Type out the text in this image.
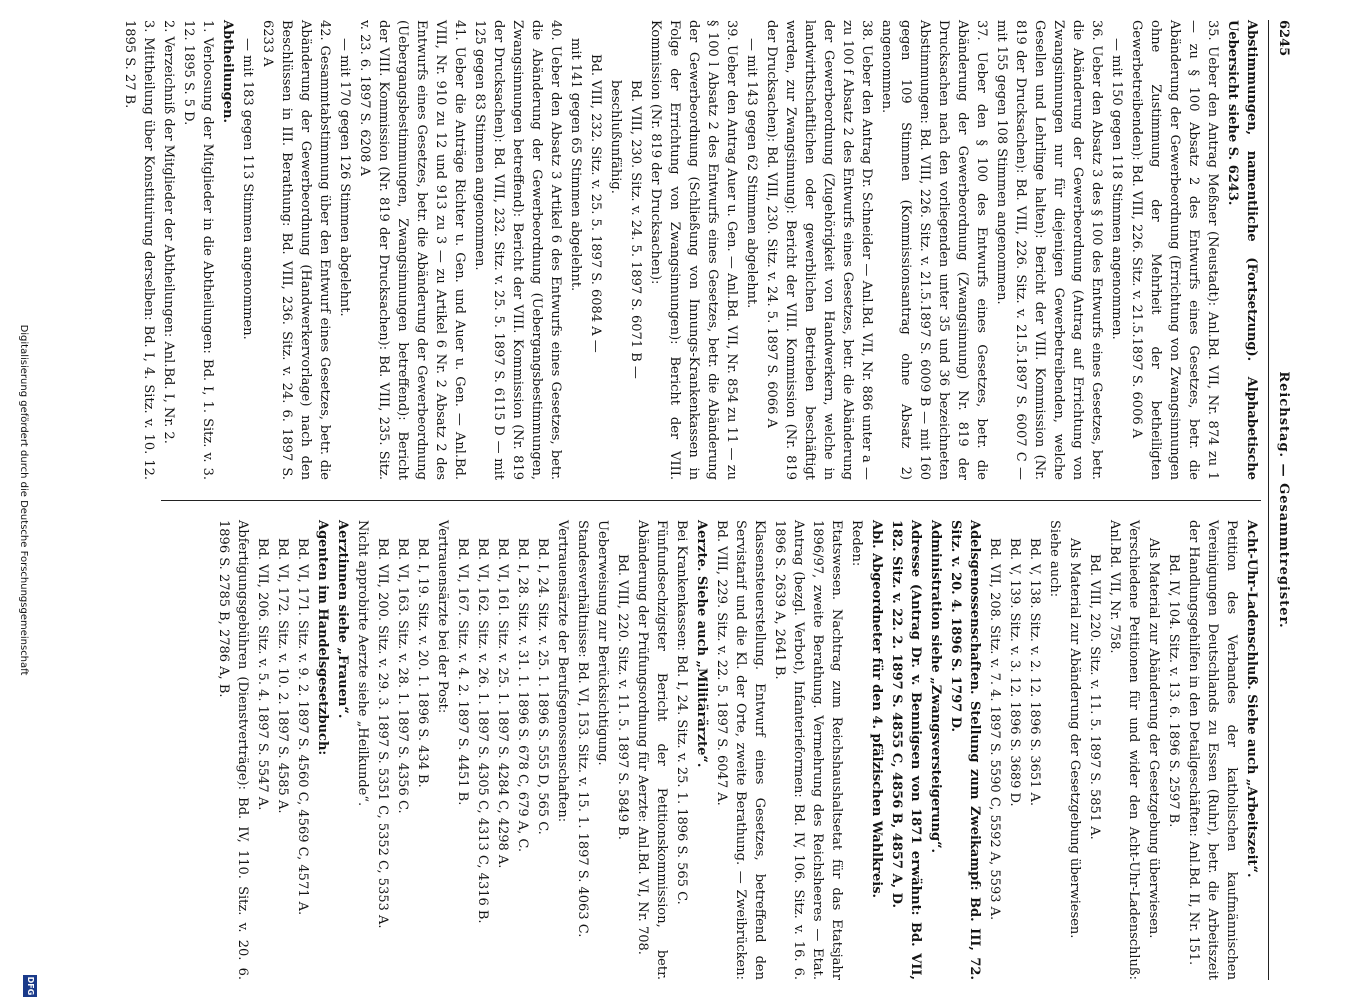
6245
Reichstag. — Gesammtregister.

Abstimmungen, namentliche (Fortsetzung). Alphabetische Uebersicht siehe S. 6243.

35. Ueber den Antrag Meßner (Neustadt): Anl.Bd. VII, Nr. 874 zu 1 — zu § 100 Absatz 2 des Entwurfs eines Gesetzes, betr. die Abänderung der Gewerbeordnung (Errichtung von Zwangsinnungen ohne Zustimmung der Mehrheit der betheiligten Gewerbetreibenden): Bd. VIII, 226. Sitz. v. 21.5.1897 S. 6006 A

— mit 150 gegen 118 Stimmen angenommen.

36. Ueber den Absatz 3 des § 100 des Entwurfs eines Gesetzes, betr. die Abänderung der Gewerbeordnung (Antrag auf Errichtung von Zwangsinnungen nur für diejenigen Gewerbetreibenden, welche Gesellen und Lehrlinge halten): Bericht der VIII. Kommission (Nr. 819 der Drucksachen): Bd. VIII, 226. Sitz. v. 21.5.1897 S. 6007 C — mit 155 gegen 108 Stimmen angenommen.

37. Ueber den § 100 des Entwurfs eines Gesetzes, betr. die Abänderung der Gewerbeordnung (Zwangsinnung) Nr. 819 der Drucksachen nach den vorliegenden unter 35 und 36 bezeichneten Abstimmungen: Bd. VIII, 226. Sitz. v. 21.5.1897 S. 6009 B — mit 160 gegen 109 Stimmen (Kommissionsantrag ohne Absatz 2) angenommen.

38. Ueber den Antrag Dr. Schneider — Anl.Bd. VII, Nr. 886 unter a — zu 100 f Absatz 2 des Entwurfs eines Gesetzes, betr. die Abänderung der Gewerbeordnung (Zugehörigkeit von Handwerkern, welche in landwirthschaftlichen oder gewerblichen Betrieben beschäftigt werden, zur Zwangsinnung): Bericht der VIII. Kommission (Nr. 819 der Drucksachen): Bd. VIII, 230. Sitz. v. 24. 5. 1897 S. 6066 A

— mit 143 gegen 62 Stimmen abgelehnt.

39. Ueber den Antrag Auer u. Gen. — Anl.Bd. VII, Nr. 854 zu 11 — zu § 100 l Absatz 2 des Entwurfs eines Gesetzes, betr. die Abänderung der Gewerbeordnung (Schließung von Innungs-Krankenkassen in Folge der Errichtung von Zwangsinnungen): Bericht der VIII. Kommission (Nr. 819 der Drucksachen):

Bd. VIII, 230. Sitz. v. 24. 5. 1897 S. 6071 B —

beschlußunfähig.

Bd. VIII, 232. Sitz. v. 25. 5. 1897 S. 6084 A —

mit 141 gegen 65 Stimmen abgelehnt.

40. Ueber den Absatz 3 Artikel 6 des Entwurfs eines Gesetzes, betr. die Abänderung der Gewerbeordnung (Uebergangsbestimmungen, Zwangsinnungen betreffend): Bericht der VIII. Kommission (Nr. 819 der Drucksachen): Bd. VIII, 232. Sitz. v. 25. 5. 1897 S. 6115 D — mit 125 gegen 83 Stimmen angenommen.

41. Ueber die Anträge Richter u. Gen. und Auer u. Gen. — Anl.Bd. VIII, Nr. 910 zu 12 und 913 zu 3 — zu Artikel 6 Nr. 2 Absatz 2 des Entwurfs eines Gesetzes, betr. die Abänderung der Gewerbeordnung (Uebergangsbestimmungen, Zwangsinnungen betreffend): Bericht der VIII. Kommission (Nr. 819 der Drucksachen): Bd. VIII, 235. Sitz. v. 23. 6. 1897 S. 6208 A

— mit 170 gegen 126 Stimmen abgelehnt.

42. Gesammtabstimmung über den Entwurf eines Gesetzes, betr. die Abänderung der Gewerbeordnung (Handwerkervorlage) nach den Beschlüssen in III. Berathung: Bd. VIII, 236. Sitz. v. 24. 6. 1897 S. 6233 A

— mit 183 gegen 113 Stimmen angenommen.

Abtheilungen.

1. Verloosung der Mitglieder in die Abtheilungen: Bd. I, 1. Sitz. v. 3. 12. 1895 S. 5 D.

2. Verzeichniß der Mitglieder der Abtheilungen: Anl.Bd. I, Nr. 2.

3. Mittheilung über Konstituirung derselben: Bd. I, 4. Sitz. v. 10. 12. 1895 S. 27 B.

Acht-Uhr-Ladenschluß. Siehe auch „Arbeitszeit“.

Petition des Verbandes der katholischen kaufmännischen Vereinigungen Deutschlands zu Essen (Ruhr), betr. die Arbeitszeit der Handlungsgehilfen in den Detailgeschäften: Anl.Bd. II, Nr. 151.

Bd. IV, 104. Sitz. v. 13. 6. 1896 S. 2597 B.

Als Material zur Abänderung der Gesetzgebung überwiesen.

Verschiedene Petitionen für und wider den Acht-Uhr-Ladenschluß: Anl.Bd. VII, Nr. 758.

Bd. VIII, 220. Sitz. v. 11. 5. 1897 S. 5851 A.

Als Material zur Abänderung der Gesetzgebung überwiesen.

Siehe auch:

Bd. V, 138. Sitz. v. 2. 12. 1896 S. 3651 A.

Bd. V, 139. Sitz. v. 3. 12. 1896 S. 3689 D.

Bd. VII, 208. Sitz. v. 7. 4. 1897 S. 5590 C, 5592 A, 5593 A.

Adelsgenossenschaften. Stellung zum Zweikampf: Bd. III, 72. Sitz. v. 20. 4. 1896 S. 1797 D.

Administration siehe „Zwangsversteigerung“.

Adresse (Antrag Dr. v. Bennigsen von 1871 erwähnt: Bd. VII, 182. Sitz. v. 22. 2. 1897 S. 4855 C, 4856 B, 4857 A, D.

Abl. Abgeordneter für den 4. pfälzischen Wahlkreis.

Reden:

Etatswesen. Nachtrag zum Reichshaushaltsetat für das Etatsjahr 1896/97, zweite Berathung. Vermehrung des Reichsheeres — Etat. Antrag (bezgl. Verbot), Infanterieformen: Bd. IV, 106. Sitz. v. 16. 6. 1896 S. 2639 A, 2641 B.

Klassensteuerstellung. Entwurf eines Gesetzes, betreffend den Servistarif und die Kl. der Orte, zweite Berathung. — Zweibrücken: Bd. VIII, 229. Sitz. v. 22. 5. 1897 S. 6047 A.

Aerzte. Siehe auch „Militärärzte“.

Bei Krankenkassen: Bd. I, 24. Sitz. v. 25. 1. 1896 S. 565 C.

Fünfundsechzigster Bericht der Petitionskommission, betr. Abänderung der Prüfungsordnung für Aerzte: Anl.Bd. VI, Nr. 708.

Bd. VIII, 220. Sitz. v. 11. 5. 1897 S. 5849 B.

Ueberweisung zur Berücksichtigung.

Standesverhältnisse: Bd. VI, 153. Sitz. v. 15. 1. 1897 S. 4063 C.

Vertrauensärzte der Berufsgenossenschaften:

Bd. I, 24. Sitz. v. 25. 1. 1896 S. 555 D, 565 C.

Bd. I, 28. Sitz. v. 31. 1. 1896 S. 678 C, 679 A, C.

Bd. VI, 161. Sitz. v. 25. 1. 1897 S. 4284 C, 4298 A.

Bd. VI, 162. Sitz. v. 26. 1. 1897 S. 4305 C, 4313 C, 4316 B.

Bd. VI, 167. Sitz. v. 4. 2. 1897 S. 4451 B.

Vertrauensärzte bei der Post:

Bd. I, 19. Sitz. v. 20. 1. 1896 S. 434 B.

Bd. VI, 163. Sitz. v. 28. 1. 1897 S. 4356 C.

Bd. VII, 200. Sitz. v. 29. 3. 1897 S. 5351 C, 5352 C, 5353 A.

Nicht approbirte Aerzte siehe „Heilkunde“.

Aerztinnen siehe „Frauen“.

Agenten im Handelsgesetzbuch:

Bd. VI, 171. Sitz. v. 9. 2. 1897 S. 4560 C, 4569 C, 4571 A.

Bd. VI, 172. Sitz. v. 10. 2. 1897 S. 4585 A.

Bd. VII, 206. Sitz. v. 5. 4. 1897 S. 5547 A.

Abfertigungsgebühren (Dienstverträge): Bd. IV, 110. Sitz. v. 20. 6. 1896 S. 2785 B, 2786 A, B.

Digitalisierung gefördert durch die Deutsche Forschungsgemeinschaft
DFG
